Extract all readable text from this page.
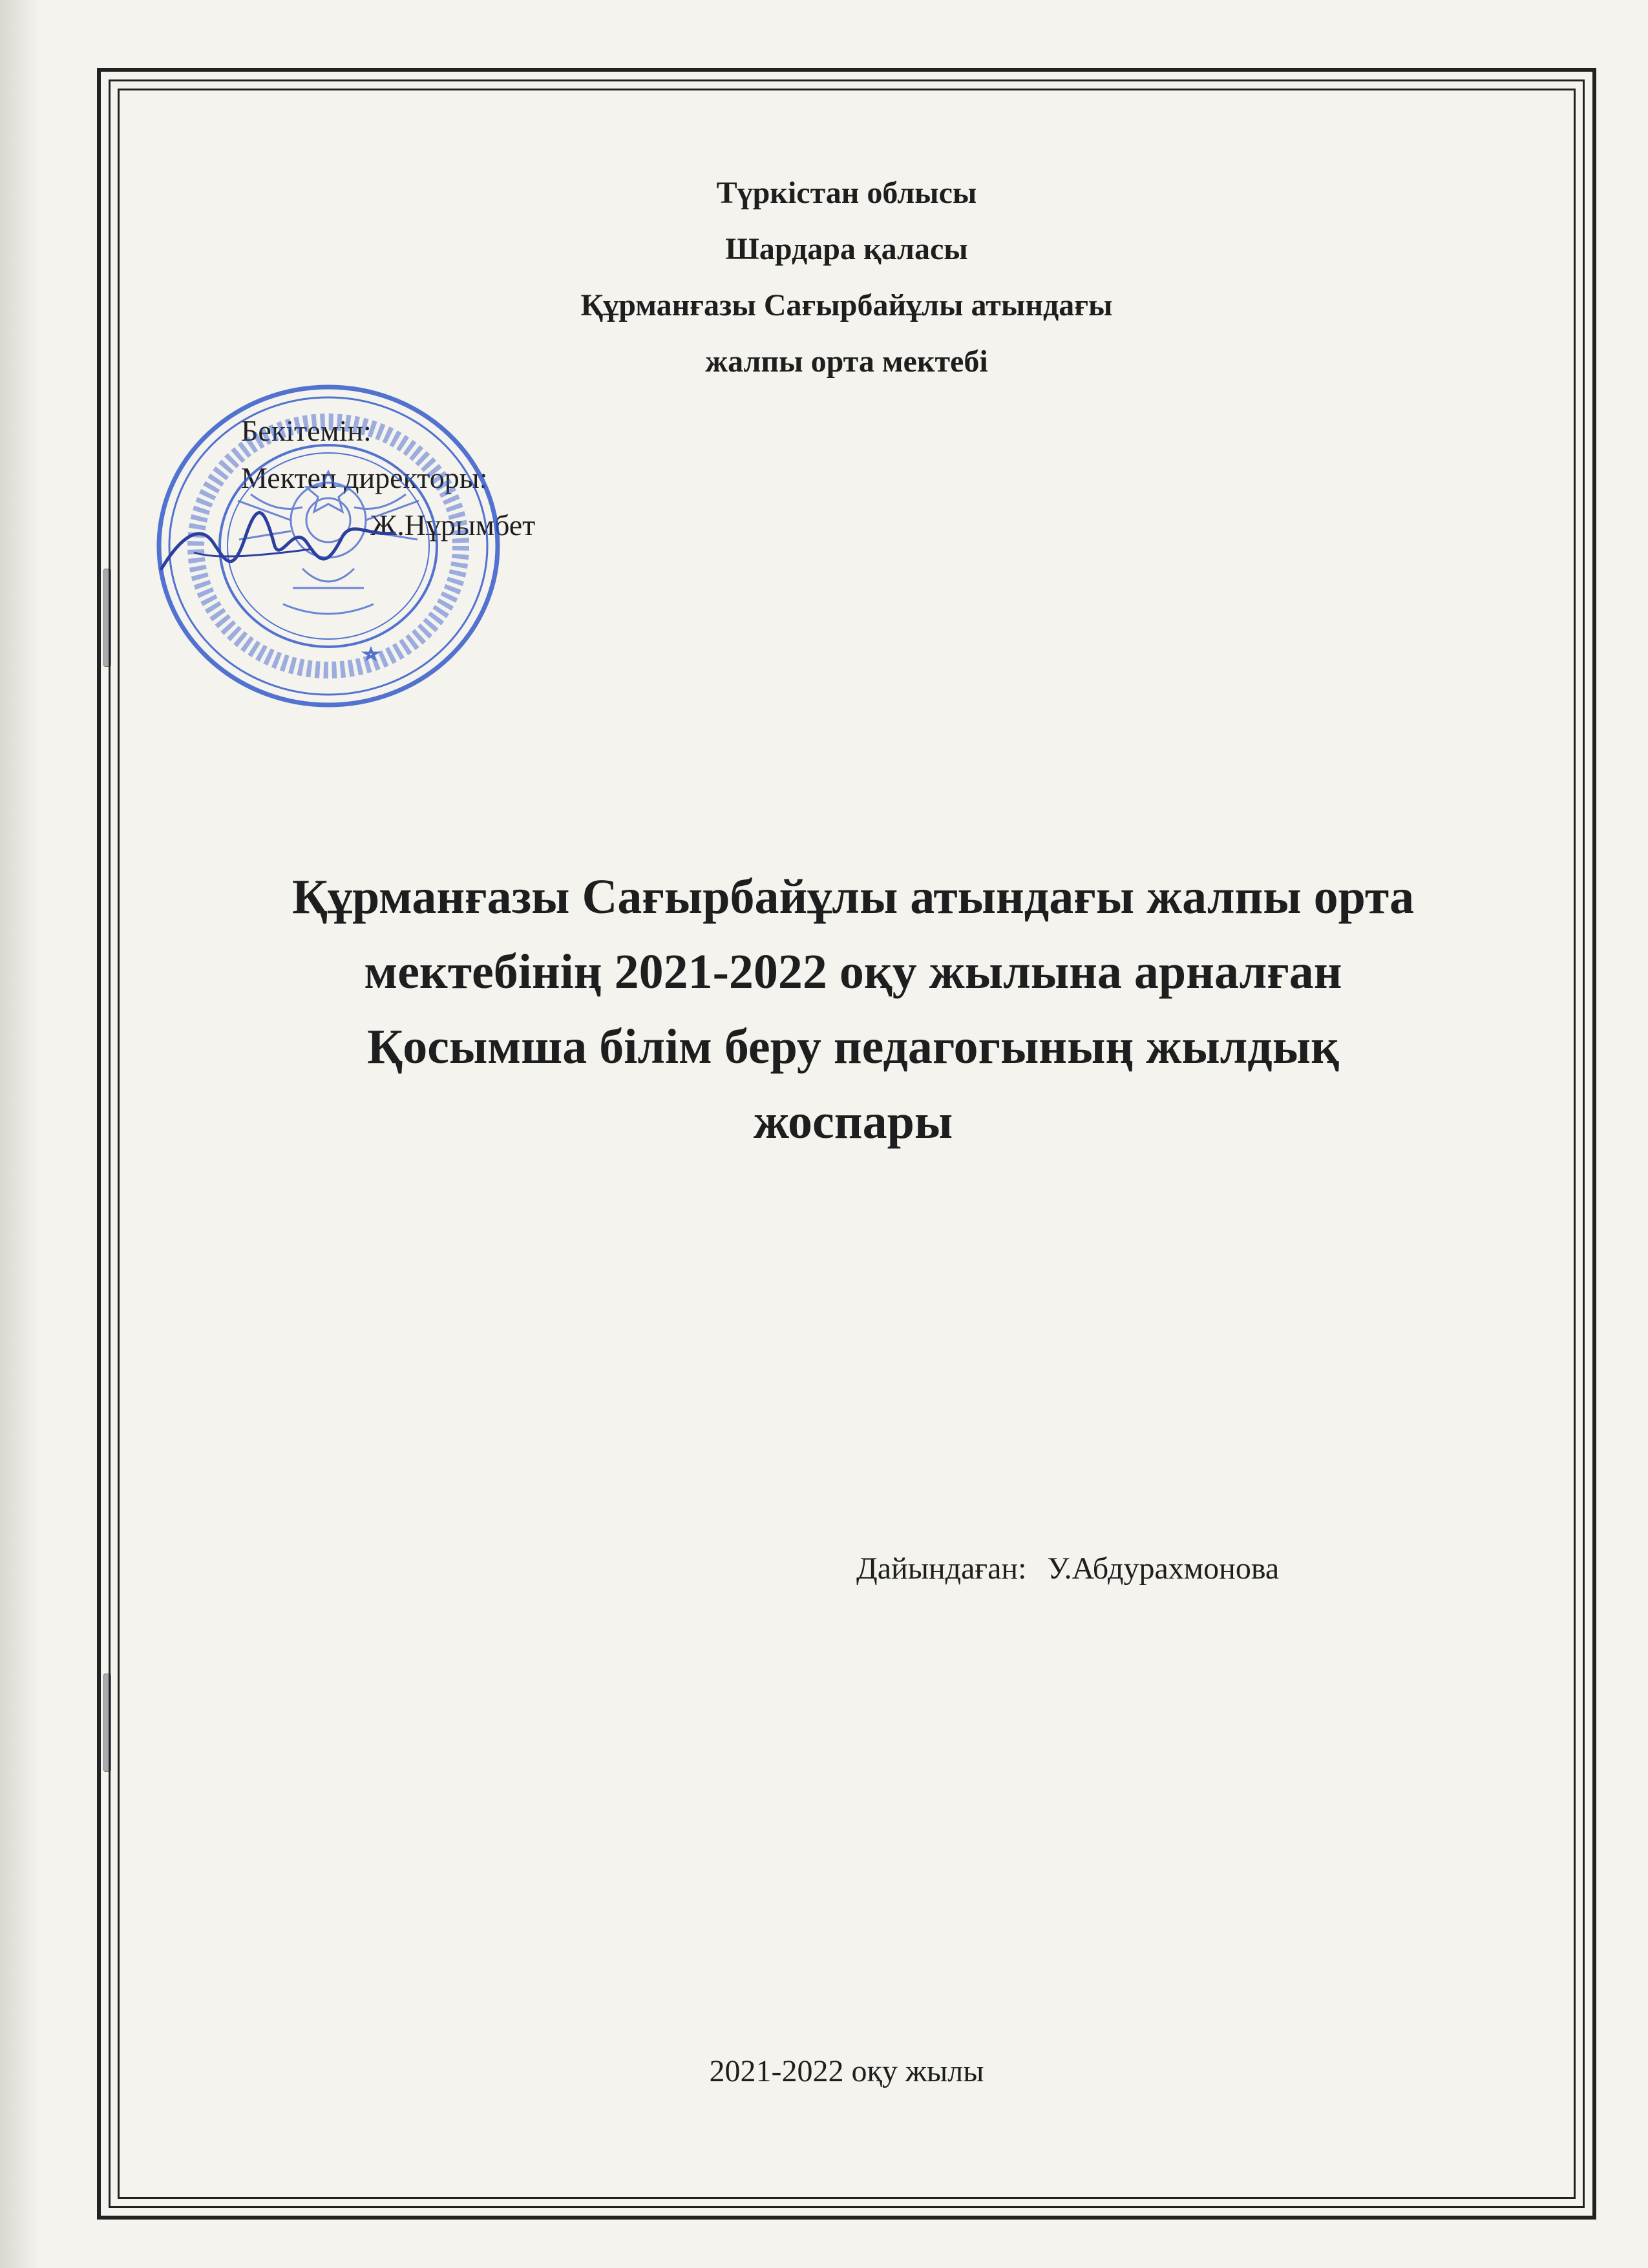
Түркістан облысы
Шардара қаласы
Құрманғазы Сағырбайұлы атындағы
жалпы орта мектебі
Бекітемін:
Мектеп директоры:
Ж.Нұрымбет
Құрманғазы Сағырбайұлы атындағы жалпы орта
мектебінің 2021-2022 оқу жылына арналған
Қосымша білім беру педагогының жылдық
жоспары
Дайындаған: У.Абдурахмонова
2021-2022 оқу жылы
